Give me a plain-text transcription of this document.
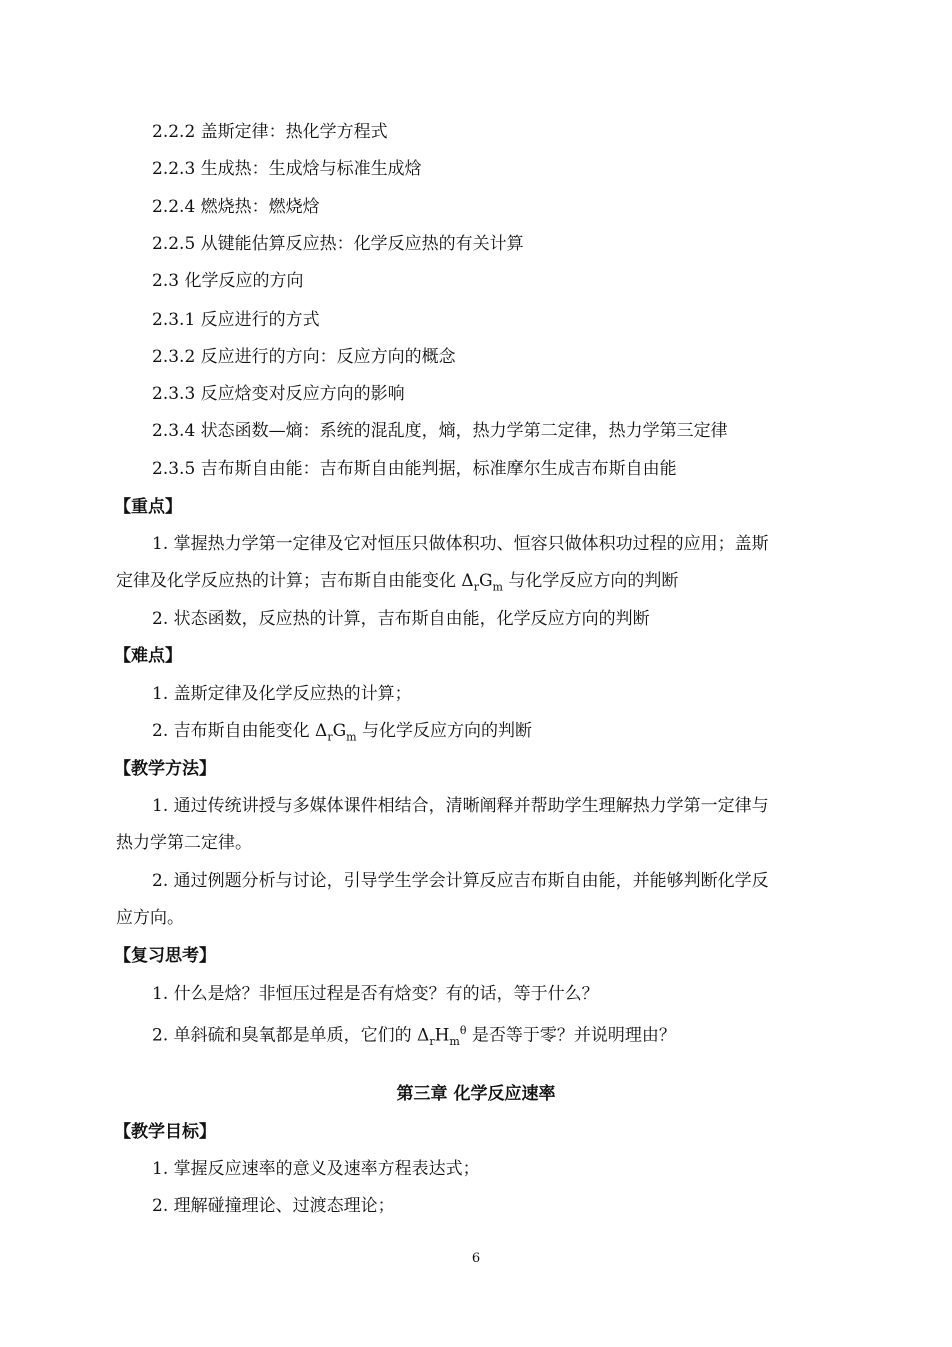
2.2.2 盖斯定律：热化学方程式
2.2.3 生成热：生成焓与标准生成焓
2.2.4 燃烧热：燃烧焓
2.2.5 从键能估算反应热：化学反应热的有关计算
2.3 化学反应的方向
2.3.1 反应进行的方式
2.3.2 反应进行的方向：反应方向的概念
2.3.3 反应焓变对反应方向的影响
2.3.4 状态函数—熵：系统的混乱度，熵，热力学第二定律，热力学第三定律
2.3.5 吉布斯自由能：吉布斯自由能判据，标准摩尔生成吉布斯自由能
【重点】
1. 掌握热力学第一定律及它对恒压只做体积功、恒容只做体积功过程的应用；盖斯
定律及化学反应热的计算；吉布斯自由能变化 $\Delta_rG_m$ 与化学反应方向的判断
2. 状态函数，反应热的计算，吉布斯自由能，化学反应方向的判断
【难点】
1. 盖斯定律及化学反应热的计算；
2. 吉布斯自由能变化 $\Delta_rG_m$ 与化学反应方向的判断
【教学方法】
1. 通过传统讲授与多媒体课件相结合，清晰阐释并帮助学生理解热力学第一定律与
热力学第二定律。
2. 通过例题分析与讨论，引导学生学会计算反应吉布斯自由能，并能够判断化学反
应方向。
【复习思考】
1. 什么是焓？非恒压过程是否有焓变？有的话，等于什么？
2. 单斜硫和臭氧都是单质，它们的 $\Delta_rH_m^\theta$ 是否等于零？并说明理由？
第三章 化学反应速率
【教学目标】
1. 掌握反应速率的意义及速率方程表达式；
2. 理解碰撞理论、过渡态理论；
6
